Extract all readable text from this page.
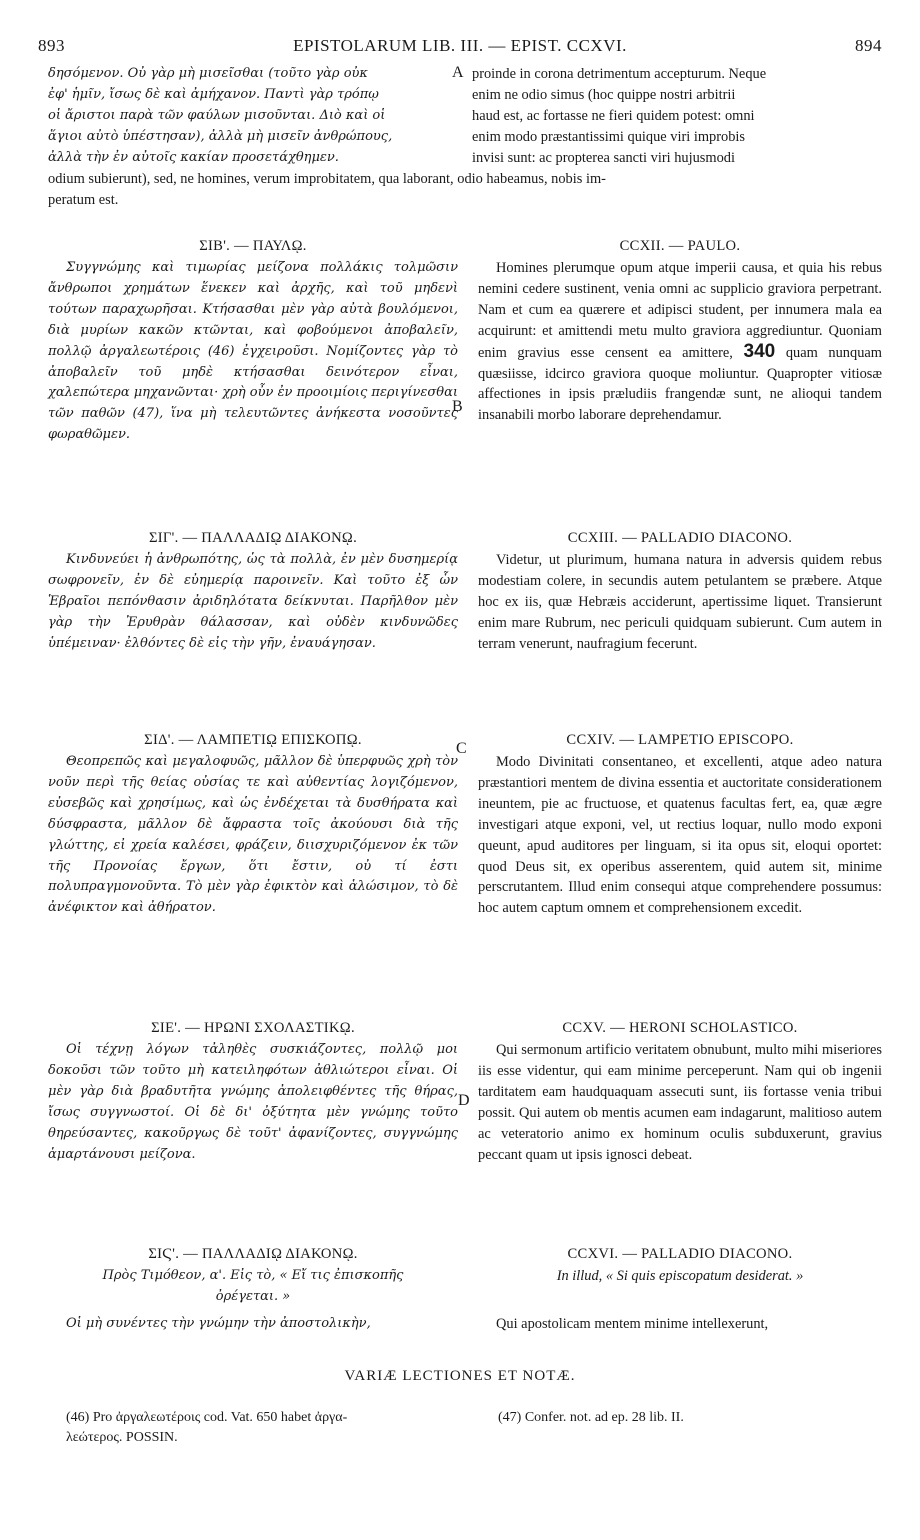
893	EPISTOLARUM LIB. III. — EPIST. CCXVI.	894
A
B
C
D
δησόμενον. Οὐ γὰρ μὴ μισεῖσθαι (τοῦτο γὰρ οὐκ
ἐφ' ἡμῖν, ἴσως δὲ καὶ ἀμήχανον. Παντὶ γὰρ τρόπῳ
οἱ ἄριστοι παρὰ τῶν φαύλων μισοῦνται. Διὸ καὶ οἱ
ἅγιοι αὐτὸ ὑπέστησαν), ἀλλὰ μὴ μισεῖν ἀνθρώπους,
ἀλλὰ τὴν ἐν αὐτοῖς κακίαν προσετάχθημεν.
proinde in corona detrimentum accepturum. Neque
enim ne odio simus (hoc quippe nostri arbitrii
haud est, ac fortasse ne fieri quidem potest: omni
enim modo præstantissimi quique viri improbis
invisi sunt: ac propterea sancti viri hujusmodi
odium subierunt), sed, ne homines, verum improbitatem, qua laborant, odio habeamus, nobis im-
peratum est.

ΣΙΒ'. — ΠΑΥΛῼ.

Συγγνώμης καὶ τιμωρίας μείζονα πολλάκις τολμῶσιν ἄνθρωποι χρημάτων ἕνεκεν καὶ ἀρχῆς, καὶ τοῦ μηδενὶ τούτων παραχωρῆσαι. Κτήσασθαι μὲν γὰρ αὐτὰ βουλόμενοι, διὰ μυρίων κακῶν κτῶνται, καὶ φοβούμενοι ἀποβαλεῖν, πολλῷ ἀργαλεωτέροις (46) ἐγχειροῦσι. Νομίζοντες γὰρ τὸ ἀποβαλεῖν τοῦ μηδὲ κτήσασθαι δεινότερον εἶναι, χαλεπώτερα μηχανῶνται· χρὴ οὖν ἐν προοιμίοις περιγίνεσθαι τῶν παθῶν (47), ἵνα μὴ τελευτῶντες ἀνήκεστα νοσοῦντες φωραθῶμεν.

CCXII. — PAULO.

Homines plerumque opum atque imperii causa, et quia his rebus nemini cedere sustinent, venia omni ac supplicio graviora perpetrant. Nam et cum ea quærere et adipisci student, per innumera mala ea acquirunt: et amittendi metu multo graviora aggrediuntur. Quoniam enim gravius esse censent ea amittere, 340 quam nunquam quæsiisse, idcirco graviora quoque moliuntur. Quapropter vitiosæ affectiones in ipsis præludiis frangendæ sunt, ne alioqui tandem insanabili morbo laborare deprehendamur.

ΣΙΓ'. — ΠΑΛΛΑΔΙῼ ΔΙΑΚΟΝῼ.

Κινδυνεύει ἡ ἀνθρωπότης, ὡς τὰ πολλὰ, ἐν μὲν δυσημερίᾳ σωφρονεῖν, ἐν δὲ εὐημερίᾳ παροινεῖν. Καὶ τοῦτο ἐξ ὧν Ἑβραῖοι πεπόνθασιν ἀριδηλότατα δείκνυται. Παρῆλθον μὲν γὰρ τὴν Ἐρυθρὰν θάλασσαν, καὶ οὐδὲν κινδυνῶδες ὑπέμειναν· ἐλθόντες δὲ εἰς τὴν γῆν, ἐναυάγησαν.

CCXIII. — PALLADIO DIACONO.

Videtur, ut plurimum, humana natura in adversis quidem rebus modestiam colere, in secundis autem petulantem se præbere. Atque hoc ex iis, quæ Hebræis acciderunt, apertissime liquet. Transierunt enim mare Rubrum, nec periculi quidquam subierunt. Cum autem in terram venerunt, naufragium fecerunt.

ΣΙΔ'. — ΛΑΜΠΕΤΙῼ ΕΠΙΣΚΟΠῼ.

Θεοπρεπῶς καὶ μεγαλοφυῶς, μᾶλλον δὲ ὑπερφυῶς χρὴ τὸν νοῦν περὶ τῆς θείας οὐσίας τε καὶ αὐθεντίας λογιζόμενον, εὐσεβῶς καὶ χρησίμως, καὶ ὡς ἐνδέχεται τὰ δυσθήρατα καὶ δύσφραστα, μᾶλλον δὲ ἄφραστα τοῖς ἀκούουσι διὰ τῆς γλώττης, εἰ χρεία καλέσει, φράζειν, διισχυριζόμενον ἐκ τῶν τῆς Προνοίας ἔργων, ὅτι ἔστιν, οὐ τί ἐστι πολυπραγμονοῦντα. Τὸ μὲν γὰρ ἐφικτὸν καὶ ἁλώσιμον, τὸ δὲ ἀνέφικτον καὶ ἀθήρατον.

CCXIV. — LAMPETIO EPISCOPO.

Modo Divinitati consentaneo, et excellenti, atque adeo natura præstantiori mentem de divina essentia et auctoritate considerationem ineuntem, pie ac fructuose, et quatenus facultas fert, ea, quæ ægre investigari atque exponi, vel, ut rectius loquar, nullo modo exponi queunt, apud auditores per linguam, si ita opus sit, eloqui oportet: quod Deus sit, ex operibus asserentem, quid autem sit, minime perscrutantem. Illud enim consequi atque comprehendere possumus: hoc autem captum omnem et comprehensionem excedit.

ΣΙΕ'. — ΗΡΩΝΙ ΣΧΟΛΑΣΤΙΚῼ.

Οἱ τέχνῃ λόγων τἀληθὲς συσκιάζοντες, πολλῷ μοι δοκοῦσι τῶν τοῦτο μὴ κατειληφότων ἀθλιώτεροι εἶναι. Οἱ μὲν γὰρ διὰ βραδυτῆτα γνώμης ἀπολειφθέντες τῆς θήρας, ἴσως συγγνωστοί. Οἱ δὲ δι' ὀξύτητα μὲν γνώμης τοῦτο θηρεύσαντες, κακοῦργως δὲ τοῦτ' ἀφανίζοντες, συγγνώμης ἁμαρτάνουσι μείζονα.

CCXV. — HERONI SCHOLASTICO.

Qui sermonum artificio veritatem obnubunt, multo mihi miseriores iis esse videntur, qui eam minime perceperunt. Nam qui ob ingenii tarditatem eam haudquaquam assecuti sunt, iis fortasse venia tribui possit. Qui autem ob mentis acumen eam indagarunt, malitioso autem ac veteratorio animo ex hominum oculis subduxerunt, gravius peccant quam ut ipsis ignosci debeat.

ΣΙϚ'. — ΠΑΛΛΑΔΙῼ ΔΙΑΚΟΝῼ.

Πρὸς Τιμόθεον, α'. Εἰς τὸ, « Εἴ τις ἐπισκοπῆς

ὀρέγεται. »

Οἱ μὴ συνέντες τὴν γνώμην τὴν ἀποστολικὴν,

CCXVI. — PALLADIO DIACONO.

In illud, « Si quis episcopatum desiderat. »

Qui apostolicam mentem minime intellexerunt,

VARIÆ LECTIONES ET NOTÆ.
(46) Pro ἀργαλεωτέροις cod. Vat. 650 habet ἀργα-
λεώτερος. POSSIN.
(47) Confer. not. ad ep. 28 lib. II.
